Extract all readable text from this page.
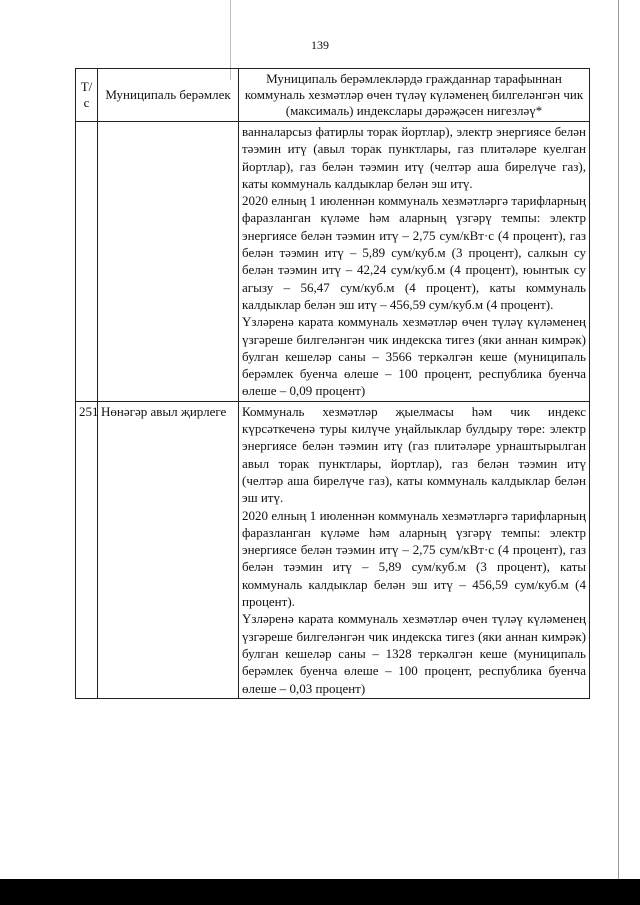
139
Т/с	Муниципаль берәмлек	Муниципаль берәмлекләрдә гражданнар тарафыннан коммуналь хезмәтләр өчен түләү күләменең билгеләнгән чик (максималь) индекслары дәрәҗәсен нигезләү*

		ванналарсыз фатирлы торак йортлар), электр энергиясе белән тәэмин итү (авыл торак пунктлары, газ плитәләре куелган йортлар), газ белән тәэмин итү (челтәр аша бирелүче газ), каты коммуналь калдыклар белән эш итү.

2020 елның 1 июленнән коммуналь хезмәтләргә тарифларның фаразланган күләме һәм аларның үзгәрү темпы: электр энергиясе белән тәэмин итү – 2,75 сум/кВт·с (4 процент), газ белән тәэмин итү – 5,89 сум/куб.м (3 процент), салкын су белән тәэмин итү – 42,24 сум/куб.м (4 процент), юынтык су агызу – 56,47 сум/куб.м (4 процент), каты коммуналь калдыклар белән эш итү – 456,59 сум/куб.м (4 процент).

Үзләренә карата коммуналь хезмәтләр өчен түләү күләменең үзгәреше билгеләнгән чик индекска тигез (яки аннан кимрәк) булган кешеләр саны – 3566 теркәлгән кеше (муниципаль берәмлек буенча өлеше – 100 процент, республика буенча өлеше – 0,09 процент)

251	Нөнәгәр авыл җирлеге	Коммуналь хезмәтләр җыелмасы һәм чик индекс күрсәткеченә туры килүче уңайлыклар булдыру төре: электр энергиясе белән тәэмин итү (газ плитәләре урнаштырылган авыл торак пунктлары, йортлар), газ белән тәэмин итү (челтәр аша бирелүче газ), каты коммуналь калдыклар белән эш итү.

2020 елның 1 июленнән коммуналь хезмәтләргә тарифларның фаразланган күләме һәм аларның үзгәрү темпы: электр энергиясе белән тәэмин итү – 2,75 сум/кВт·с (4 процент), газ белән тәэмин итү – 5,89 сум/куб.м (3 процент), каты коммуналь калдыклар белән эш итү – 456,59 сум/куб.м (4 процент).

Үзләренә карата коммуналь хезмәтләр өчен түләү күләменең үзгәреше билгеләнгән чик индекска тигез (яки аннан кимрәк) булган кешеләр саны – 1328 теркәлгән кеше (муниципаль берәмлек буенча өлеше – 100 процент, республика буенча өлеше – 0,03 процент)
